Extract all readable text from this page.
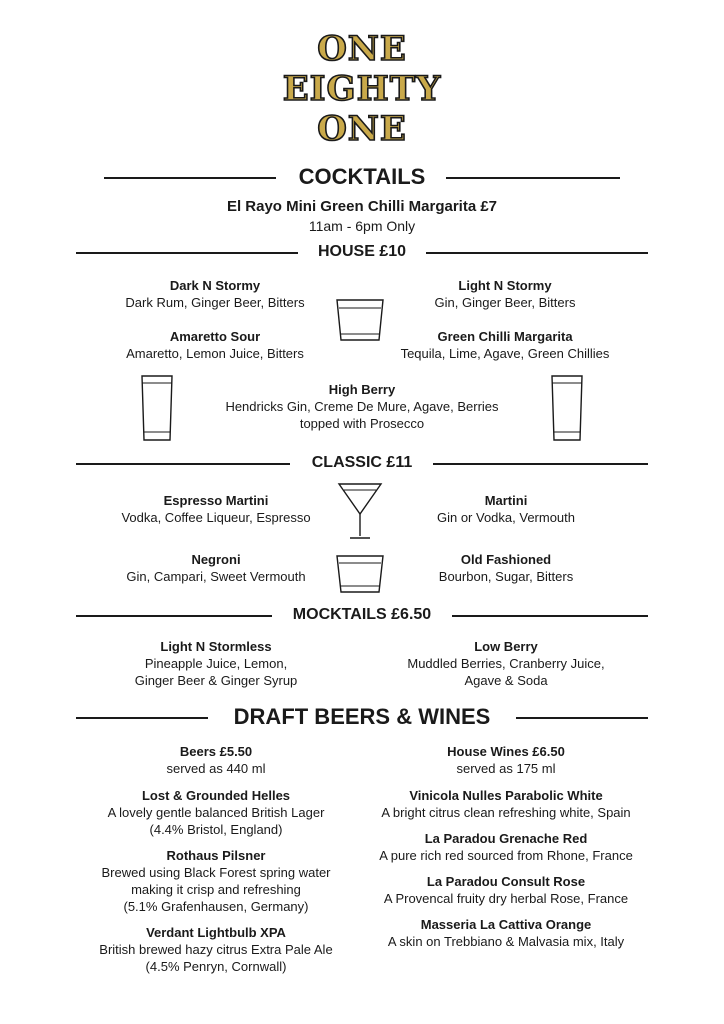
ONE
EIGHTY
ONE
COCKTAILS
El Rayo Mini Green Chilli Margarita £7
11am - 6pm Only
HOUSE £10
Dark N Stormy
Dark Rum, Ginger Beer, Bitters
Light N Stormy
Gin, Ginger Beer, Bitters
Amaretto Sour
Amaretto, Lemon Juice, Bitters
Green Chilli Margarita
Tequila, Lime, Agave, Green Chillies
High Berry
Hendricks Gin, Creme De Mure, Agave, Berries
topped with Prosecco
CLASSIC £11
Espresso Martini
Vodka, Coffee Liqueur, Espresso
Martini
Gin or Vodka, Vermouth
Negroni
Gin, Campari, Sweet Vermouth
Old Fashioned
Bourbon, Sugar, Bitters
MOCKTAILS £6.50
Light N Stormless
Pineapple Juice, Lemon,
Ginger Beer & Ginger Syrup
Low Berry
Muddled Berries, Cranberry Juice,
Agave & Soda
DRAFT BEERS & WINES
Beers £5.50
served as 440 ml
Lost & Grounded Helles
A lovely gentle balanced British Lager
(4.4% Bristol, England)
Rothaus Pilsner
Brewed using Black Forest spring water
making it crisp and refreshing
(5.1% Grafenhausen, Germany)
Verdant Lightbulb XPA
British brewed hazy citrus Extra Pale Ale
(4.5% Penryn, Cornwall)
House Wines £6.50
served as 175 ml
Vinicola Nulles Parabolic White
A bright citrus clean refreshing white, Spain
La Paradou Grenache Red
A pure rich red sourced from Rhone, France
La Paradou Consult Rose
A Provencal fruity dry herbal Rose, France
Masseria La Cattiva Orange
A skin on Trebbiano & Malvasia mix, Italy
